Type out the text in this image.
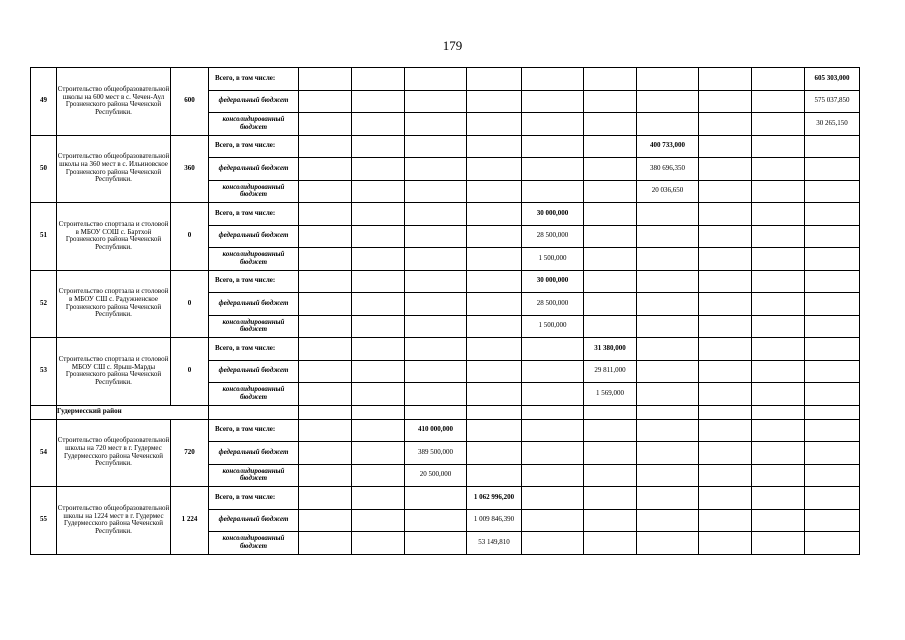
179
49	Строительство общеобразовательной школы на 600 мест в с. Чечен-Аул Грозненского района Чеченской Республики.	600	Всего, в том числе:										605 303,000
			федеральный бюджет										575 037,850
			консолидированный бюджет										30 265,150
50	Строительство общеобразовательной школы на 360 мест в с. Ильиновское Грозненского района Чеченской Республики.	360	Всего, в том числе:							400 733,000			
			федеральный бюджет							380 696,350			
			консолидированный бюджет							20 036,650			
51	Строительство спортзала и столовой в МБОУ СОШ с. Бартхой Грозненского района Чеченской Республики.	0	Всего, в том числе:					30 000,000					
			федеральный бюджет					28 500,000					
			консолидированный бюджет					1 500,000					
52	Строительство спортзала и столовой в МБОУ СШ с. Радужненское Грозненского района Чеченской Республики.	0	Всего, в том числе:					30 000,000					
			федеральный бюджет					28 500,000					
			консолидированный бюджет					1 500,000					
53	Строительство спортзала и столовой МБОУ СШ с. Ярыш-Марды Грозненского района Чеченской Республики.	0	Всего, в том числе:						31 380,000				
			федеральный бюджет						29 811,000				
			консолидированный бюджет						1 569,000				
	Гудермесский район												
54	Строительство общеобразовательной школы на 720 мест в г. Гудермес Гудермесского района Чеченской Республики.	720	Всего, в том числе:			410 000,000							
			федеральный бюджет			389 500,000							
			консолидированный бюджет			20 500,000							
55	Строительство общеобразовательной школы на 1224 мест в г. Гудермес Гудермесского района Чеченской Республики.	1 224	Всего, в том числе:				1 062 996,200						
			федеральный бюджет				1 009 846,390						
			консолидированный бюджет				53 149,810						
